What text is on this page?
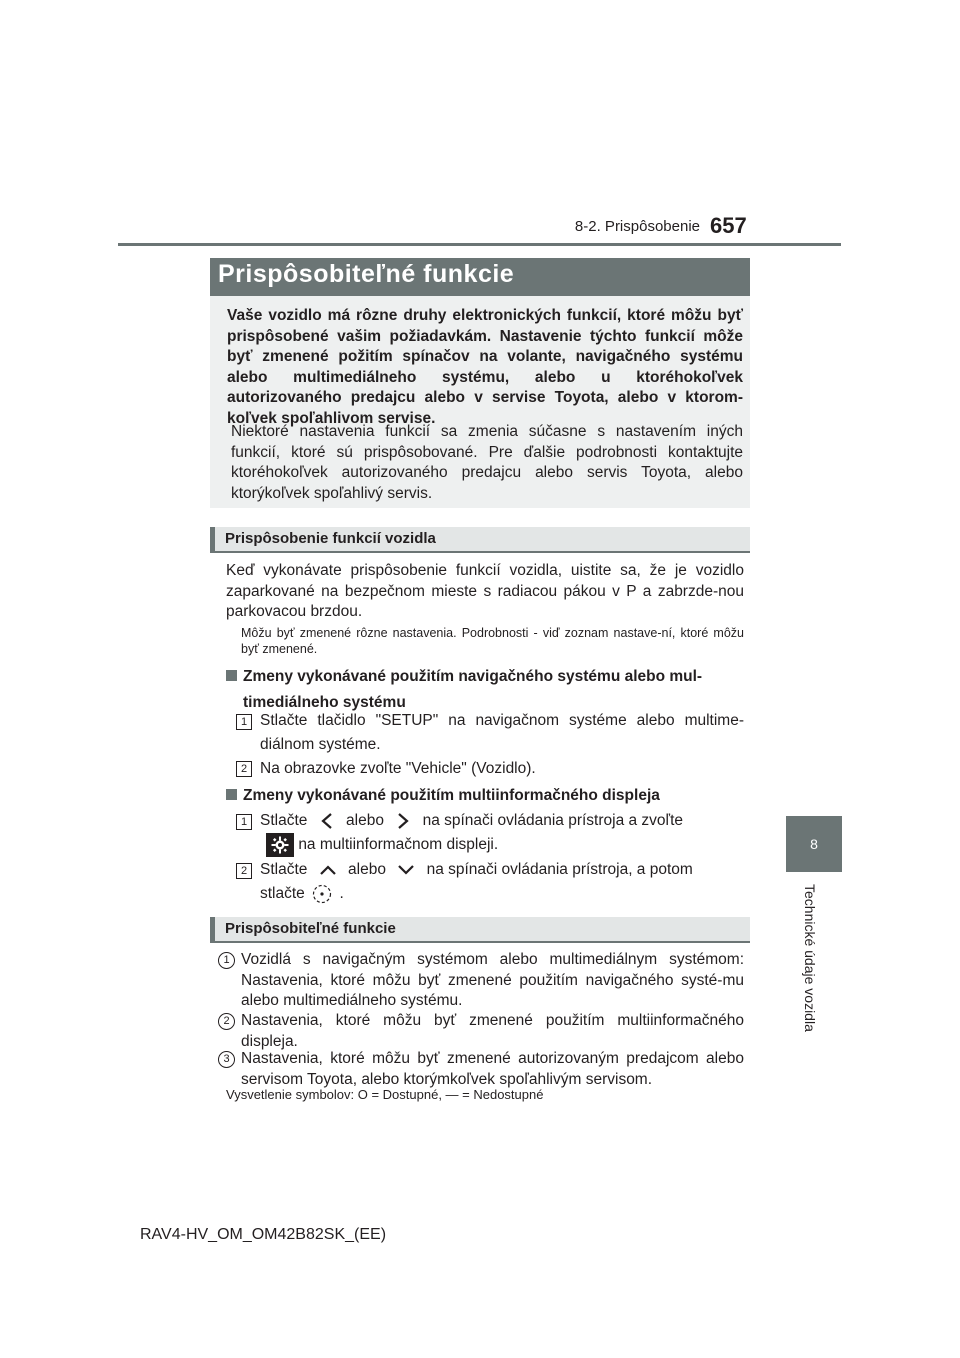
8-2. Prispôsobenie 657
8
Technické údaje vozidla
Prispôsobiteľné funkcie
Vaše vozidlo má rôzne druhy elektronických funkcií, ktoré môžu byť prispôsobené vašim požiadavkám. Nastavenie týchto funkcií môže byť zmenené požitím spínačov na volante, navigačného systému alebo multimediálneho systému, alebo u ktoréhokoľvek autorizovaného predajcu alebo v servise Toyota, alebo v ktorom-koľvek spoľahlivom servise.
Niektoré nastavenia funkcií sa zmenia súčasne s nastavením iných funkcií, ktoré sú prispôsobované. Pre ďalšie podrobnosti kontaktujte ktoréhokoľvek autorizovaného predajcu alebo servis Toyota, alebo ktorýkoľvek spoľahlivý servis.
Prispôsobenie funkcií vozidla
Keď vykonávate prispôsobenie funkcií vozidla, uistite sa, že je vozidlo zaparkované na bezpečnom mieste s radiacou pákou v P a zabrzde-nou parkovacou brzdou.
Môžu byť zmenené rôzne nastavenia. Podrobnosti - viď zoznam nastave-ní, ktoré môžu byť zmenené.
Zmeny vykonávané použitím navigačného systému alebo mul-
timediálneho systému
1 Stlačte tlačidlo "SETUP" na navigačnom systéme alebo multime-diálnom systéme.
2 Na obrazovke zvoľte "Vehicle" (Vozidlo).
Zmeny vykonávané použitím multiinformačného displeja
1 Stlačte alebo na spínači ovládania prístroja a zvoľte
na multiinformačnom displeji.
2 Stlačte	alebo	na spínači ovládania prístroja, a potom
stlačte .
Prispôsobiteľné funkcie
1 Vozidlá s navigačným systémom alebo multimediálnym systémom: Nastavenia, ktoré môžu byť zmenené použitím navigačného systé-mu alebo multimediálneho systému.
2 Nastavenia, ktoré môžu byť zmenené použitím multiinformačného displeja.
3 Nastavenia, ktoré môžu byť zmenené autorizovaným predajcom alebo servisom Toyota, alebo ktorýmkoľvek spoľahlivým servisom.
Vysvetlenie symbolov: O = Dostupné, — = Nedostupné
RAV4-HV_OM_OM42B82SK_(EE)
